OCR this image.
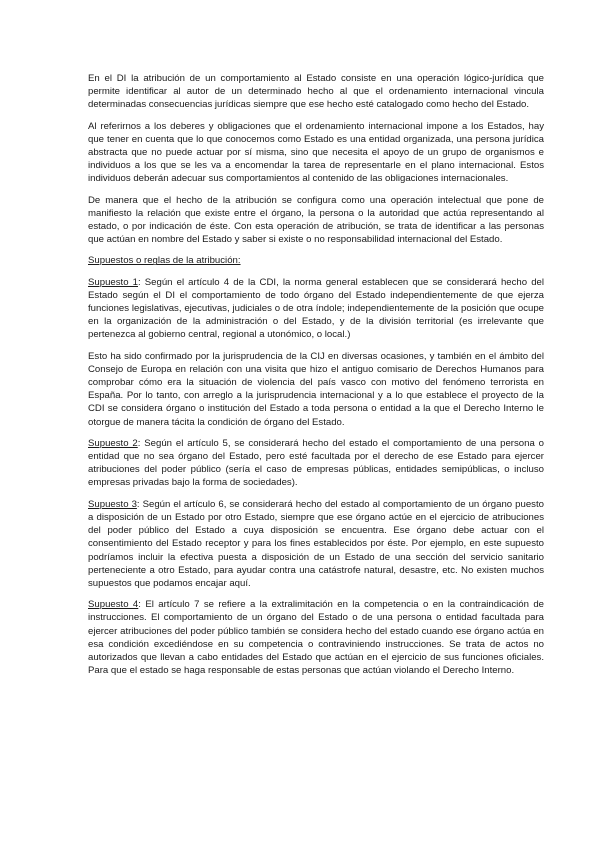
En el DI la atribución de un comportamiento al Estado consiste en una operación lógico-jurídica que permite identificar al autor de un determinado hecho al que el ordenamiento internacional vincula determinadas consecuencias jurídicas siempre que ese hecho esté catalogado como hecho del Estado.

Al referirnos a los deberes y obligaciones que el ordenamiento internacional impone a los Estados, hay que tener en cuenta que lo que conocemos como Estado es una entidad organizada, una persona jurídica abstracta que no puede actuar por sí misma, sino que necesita el apoyo de un grupo de organismos e individuos a los que se les va a encomendar la tarea de representarle en el plano internacional. Estos individuos deberán adecuar sus comportamientos al contenido de las obligaciones internacionales.

De manera que el hecho de la atribución se configura como una operación intelectual que pone de manifiesto la relación que existe entre el órgano, la persona o la autoridad que actúa representando al estado, o por indicación de éste. Con esta operación de atribución, se trata de identificar a las personas que actúan en nombre del Estado y saber si existe o no responsabilidad internacional del Estado.

Supuestos o reglas de la atribución:

Supuesto 1: Según el artículo 4 de la CDI, la norma general establecen que se considerará hecho del Estado según el DI el comportamiento de todo órgano del Estado independientemente de que ejerza funciones legislativas, ejecutivas, judiciales o de otra índole; independientemente de la posición que ocupe en la organización de la administración o del Estado, y de la división territorial (es irrelevante que pertenezca al gobierno central, regional a utonómico, o local.)

Esto ha sido confirmado por la jurisprudencia de la CIJ en diversas ocasiones, y también en el ámbito del Consejo de Europa en relación con una visita que hizo el antiguo comisario de Derechos Humanos para comprobar cómo era la situación de violencia del país vasco con motivo del fenómeno terrorista en España. Por lo tanto, con arreglo a la jurisprudencia internacional y a lo que establece el proyecto de la CDI se considera órgano o institución del Estado a toda persona o entidad a la que el Derecho Interno le otorgue de manera tácita la condición de órgano del Estado.

Supuesto 2: Según el artículo 5, se considerará hecho del estado el comportamiento de una persona o entidad que no sea órgano del Estado, pero esté facultada por el derecho de ese Estado para ejercer atribuciones del poder público (sería el caso de empresas públicas, entidades semipúblicas, o incluso empresas privadas bajo la forma de sociedades).

Supuesto 3: Según el artículo 6, se considerará hecho del estado al comportamiento de un órgano puesto a disposición de un Estado por otro Estado, siempre que ese órgano actúe en el ejercicio de atribuciones del poder público del Estado a cuya disposición se encuentra. Ese órgano debe actuar con el consentimiento del Estado receptor y para los fines establecidos por éste. Por ejemplo, en este supuesto podríamos incluir la efectiva puesta a disposición de un Estado de una sección del servicio sanitario perteneciente a otro Estado, para ayudar contra una catástrofe natural, desastre, etc. No existen muchos supuestos que podamos encajar aquí.

Supuesto 4: El artículo 7 se refiere a la extralimitación en la competencia o en la contraindicación de instrucciones. El comportamiento de un órgano del Estado o de una persona o entidad facultada para ejercer atribuciones del poder público también se considera hecho del estado cuando ese órgano actúa en esa condición excediéndose en su competencia o contraviniendo instrucciones. Se trata de actos no autorizados que llevan a cabo entidades del Estado que actúan en el ejercicio de sus funciones oficiales. Para que el estado se haga responsable de estas personas que actúan violando el Derecho Interno.
